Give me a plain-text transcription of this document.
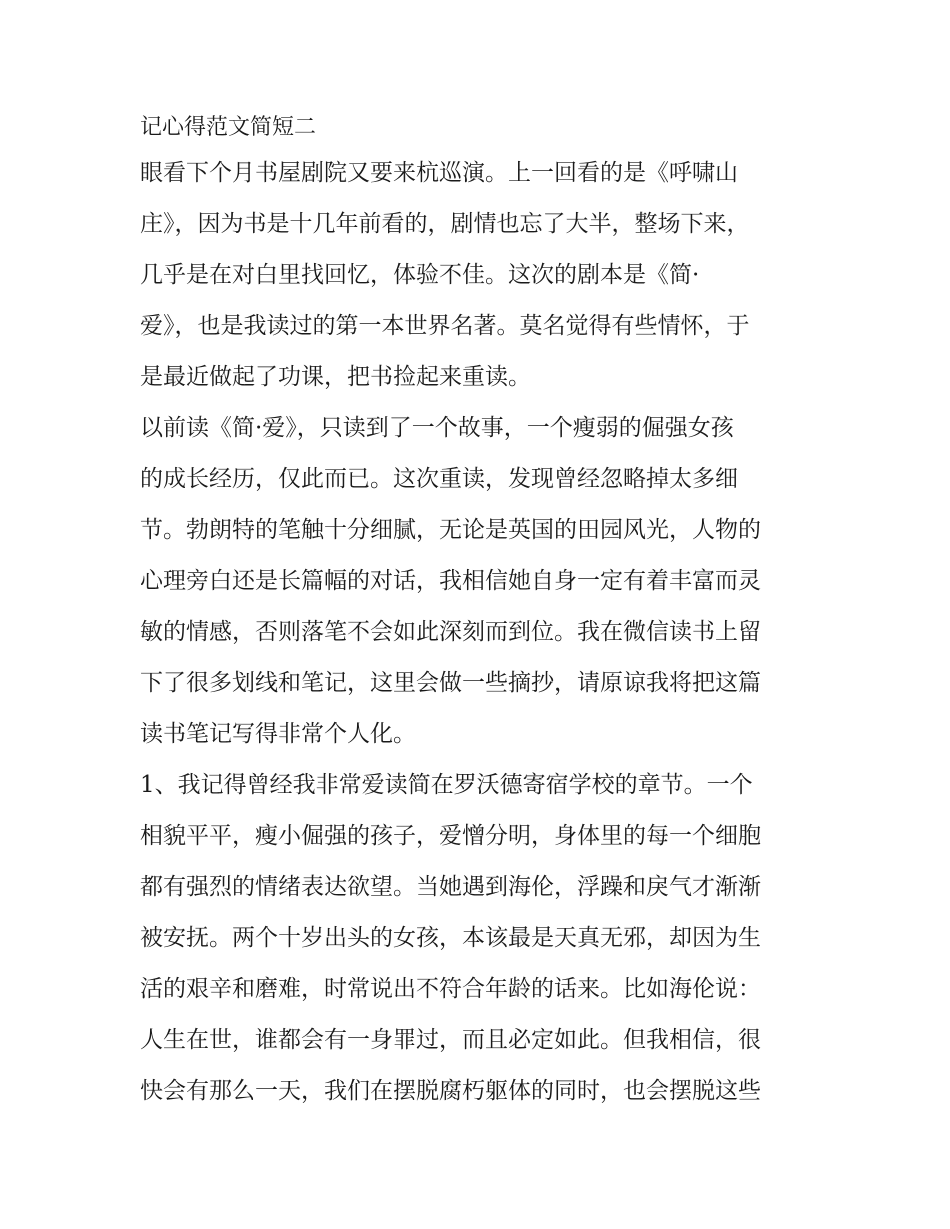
记心得范文简短二

眼看下个月书屋剧院又要来杭巡演。上一回看的是《呼啸山

庄》，因为书是十几年前看的，剧情也忘了大半，整场下来，

几乎是在对白里找回忆，体验不佳。这次的剧本是《简·

爱》，也是我读过的第一本世界名著。莫名觉得有些情怀，于

是最近做起了功课，把书捡起来重读。

以前读《简·爱》，只读到了一个故事，一个瘦弱的倔强女孩

的成长经历，仅此而已。这次重读，发现曾经忽略掉太多细

节。勃朗特的笔触十分细腻，无论是英国的田园风光，人物的

心理旁白还是长篇幅的对话，我相信她自身一定有着丰富而灵

敏的情感，否则落笔不会如此深刻而到位。我在微信读书上留

下了很多划线和笔记，这里会做一些摘抄，请原谅我将把这篇

读书笔记写得非常个人化。

1、我记得曾经我非常爱读简在罗沃德寄宿学校的章节。一个

相貌平平，瘦小倔强的孩子，爱憎分明，身体里的每一个细胞

都有强烈的情绪表达欲望。当她遇到海伦，浮躁和戾气才渐渐

被安抚。两个十岁出头的女孩，本该最是天真无邪，却因为生

活的艰辛和磨难，时常说出不符合年龄的话来。比如海伦说：

人生在世，谁都会有一身罪过，而且必定如此。但我相信，很

快会有那么一天，我们在摆脱腐朽躯体的同时，也会摆脱这些
